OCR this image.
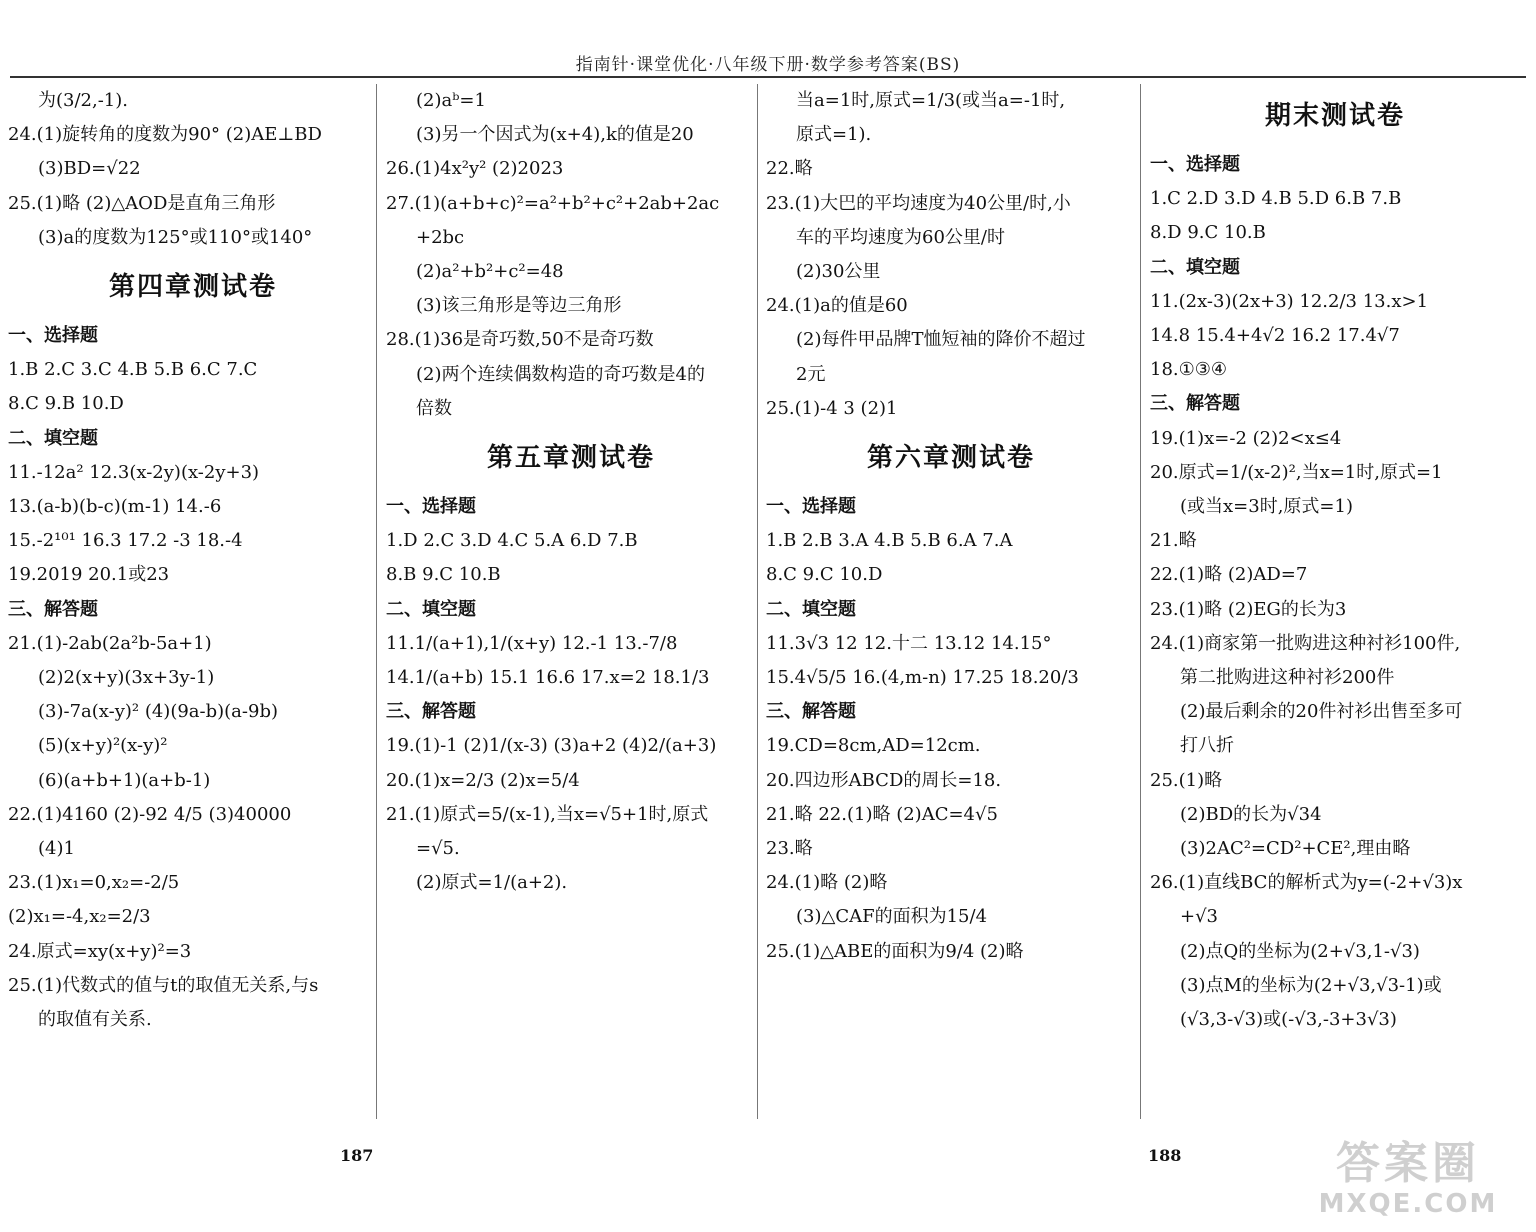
指南针·课堂优化·八年级下册·数学参考答案(BS)
为(3/2,-1).
24.(1)旋转角的度数为90° (2)AE⊥BD
(3)BD=√22
25.(1)略 (2)△AOD是直角三角形
(3)a的度数为125°或110°或140°
第四章测试卷
一、选择题
1.B 2.C 3.C 4.B 5.B 6.C 7.C
8.C 9.B 10.D
二、填空题
11.-12a² 12.3(x-2y)(x-2y+3)
13.(a-b)(b-c)(m-1) 14.-6
15.-2¹⁰¹ 16.3 17.2 -3 18.-4
19.2019 20.1或23
三、解答题
21.(1)-2ab(2a²b-5a+1)
(2)2(x+y)(3x+3y-1)
(3)-7a(x-y)² (4)(9a-b)(a-9b)
(5)(x+y)²(x-y)²
(6)(a+b+1)(a+b-1)
22.(1)4160 (2)-92 4/5 (3)40000
(4)1
23.(1)x₁=0,x₂=-2/5
(2)x₁=-4,x₂=2/3
24.原式=xy(x+y)²=3
25.(1)代数式的值与t的取值无关系,与s
的取值有关系.
(2)aᵇ=1
(3)另一个因式为(x+4),k的值是20
26.(1)4x²y² (2)2023
27.(1)(a+b+c)²=a²+b²+c²+2ab+2ac
+2bc
(2)a²+b²+c²=48
(3)该三角形是等边三角形
28.(1)36是奇巧数,50不是奇巧数
(2)两个连续偶数构造的奇巧数是4的
倍数
第五章测试卷
一、选择题
1.D 2.C 3.D 4.C 5.A 6.D 7.B
8.B 9.C 10.B
二、填空题
11.1/(a+1),1/(x+y) 12.-1 13.-7/8
14.1/(a+b) 15.1 16.6 17.x=2 18.1/3
三、解答题
19.(1)-1 (2)1/(x-3) (3)a+2 (4)2/(a+3)
20.(1)x=2/3 (2)x=5/4
21.(1)原式=5/(x-1),当x=√5+1时,原式
=√5.
(2)原式=1/(a+2).
当a=1时,原式=1/3(或当a=-1时,
原式=1).
22.略
23.(1)大巴的平均速度为40公里/时,小
车的平均速度为60公里/时
(2)30公里
24.(1)a的值是60
(2)每件甲品牌T恤短袖的降价不超过
2元
25.(1)-4 3 (2)1
第六章测试卷
一、选择题
1.B 2.B 3.A 4.B 5.B 6.A 7.A
8.C 9.C 10.D
二、填空题
11.3√3 12 12.十二 13.12 14.15°
15.4√5/5 16.(4,m-n) 17.25 18.20/3
三、解答题
19.CD=8cm,AD=12cm.
20.四边形ABCD的周长=18.
21.略 22.(1)略 (2)AC=4√5
23.略
24.(1)略 (2)略
(3)△CAF的面积为15/4
25.(1)△ABE的面积为9/4 (2)略
期末测试卷
一、选择题
1.C 2.D 3.D 4.B 5.D 6.B 7.B
8.D 9.C 10.B
二、填空题
11.(2x-3)(2x+3) 12.2/3 13.x>1
14.8 15.4+4√2 16.2 17.4√7
18.①③④
三、解答题
19.(1)x=-2 (2)2<x≤4
20.原式=1/(x-2)²,当x=1时,原式=1
(或当x=3时,原式=1)
21.略
22.(1)略 (2)AD=7
23.(1)略 (2)EG的长为3
24.(1)商家第一批购进这种衬衫100件,
第二批购进这种衬衫200件
(2)最后剩余的20件衬衫出售至多可
打八折
25.(1)略
(2)BD的长为√34
(3)2AC²=CD²+CE²,理由略
26.(1)直线BC的解析式为y=(-2+√3)x
+√3
(2)点Q的坐标为(2+√3,1-√3)
(3)点M的坐标为(2+√3,√3-1)或
(√3,3-√3)或(-√3,-3+3√3)
187	188	答案圈
MXQE.COM
